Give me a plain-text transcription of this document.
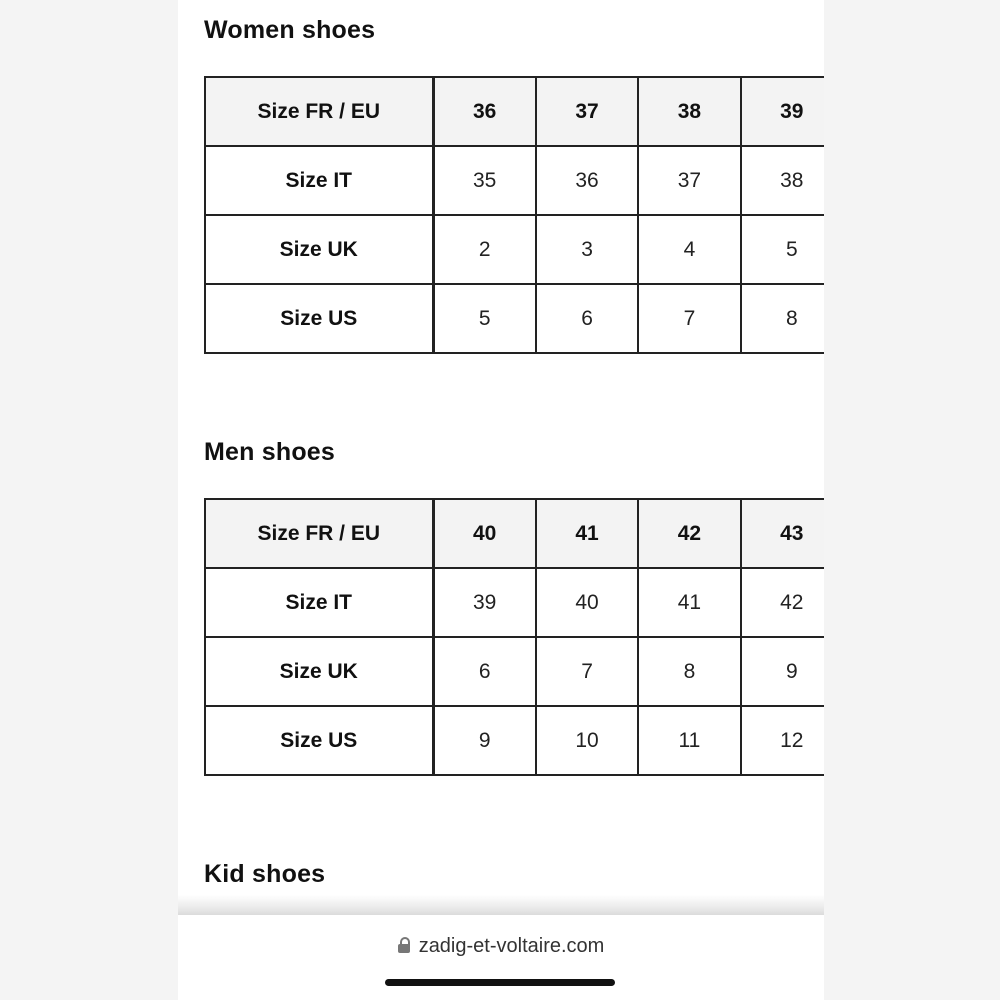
Women shoes
Size FR / EU	36	37	38	39
Size IT	35	36	37	38
Size UK	2	3	4	5
Size US	5	6	7	8
Men shoes
Size FR / EU	40	41	42	43
Size IT	39	40	41	42
Size UK	6	7	8	9
Size US	9	10	11	12
Kid shoes
zadig-et-voltaire.com
